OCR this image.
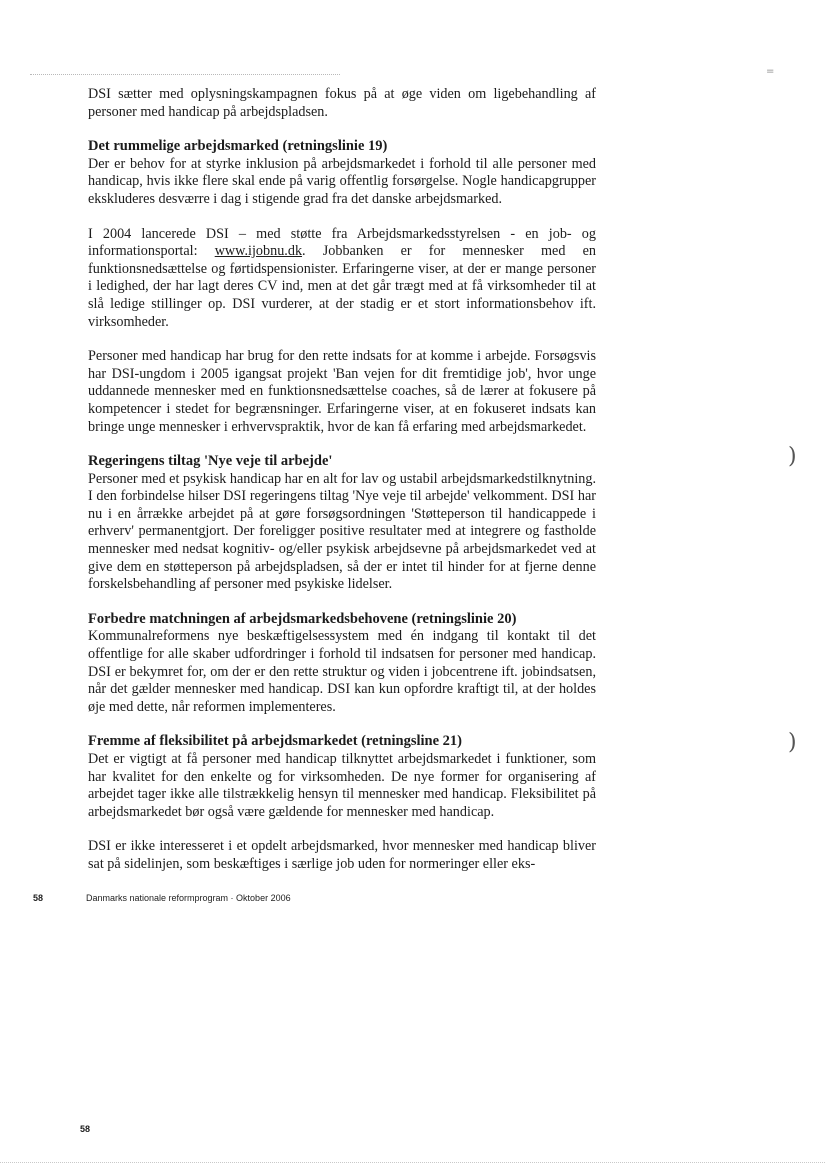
=
)
)

DSI sætter med oplysningskampagnen fokus på at øge viden om ligebehandling af personer med handicap på arbejdspladsen.

Det rummelige arbejdsmarked (retningslinie 19)

Der er behov for at styrke inklusion på arbejdsmarkedet i forhold til alle personer med handicap, hvis ikke flere skal ende på varig offentlig forsørgelse. Nogle handicapgrupper ekskluderes desværre i dag i stigende grad fra det danske arbejdsmarked.

I 2004 lancerede DSI – med støtte fra Arbejdsmarkedsstyrelsen - en job- og informationsportal: www.ijobnu.dk. Jobbanken er for mennesker med en funktionsnedsættelse og førtidspensionister. Erfaringerne viser, at der er mange personer i ledighed, der har lagt deres CV ind, men at det går trægt med at få virksomheder til at slå ledige stillinger op. DSI vurderer, at der stadig er et stort informationsbehov ift. virksomheder.

Personer med handicap har brug for den rette indsats for at komme i arbejde. Forsøgsvis har DSI-ungdom i 2005 igangsat projekt 'Ban vejen for dit fremtidige job', hvor unge uddannede mennesker med en funktionsnedsættelse coaches, så de lærer at fokusere på kompetencer i stedet for begrænsninger. Erfaringerne viser, at en fokuseret indsats kan bringe unge mennesker i erhvervspraktik, hvor de kan få erfaring med arbejdsmarkedet.

Regeringens tiltag 'Nye veje til arbejde'

Personer med et psykisk handicap har en alt for lav og ustabil arbejdsmarkedstilknytning. I den forbindelse hilser DSI regeringens tiltag 'Nye veje til arbejde' velkomment. DSI har nu i en årrække arbejdet på at gøre forsøgsordningen 'Støtteperson til handicappede i erhverv' permanentgjort. Der foreligger positive resultater med at integrere og fastholde mennesker med nedsat kognitiv- og/eller psykisk arbejdsevne på arbejdsmarkedet ved at give dem en støtteperson på arbejdspladsen, så der er intet til hinder for at fjerne denne forskelsbehandling af personer med psykiske lidelser.

Forbedre matchningen af arbejdsmarkedsbehovene (retningslinie 20)

Kommunalreformens nye beskæftigelsessystem med én indgang til kontakt til det offentlige for alle skaber udfordringer i forhold til indsatsen for personer med handicap. DSI er bekymret for, om der er den rette struktur og viden i jobcentrene ift. jobindsatsen, når det gælder mennesker med handicap. DSI kan kun opfordre kraftigt til, at der holdes øje med dette, når reformen implementeres.

Fremme af fleksibilitet på arbejdsmarkedet (retningsline 21)

Det er vigtigt at få personer med handicap tilknyttet arbejdsmarkedet i funktioner, som har kvalitet for den enkelte og for virksomheden. De nye former for organisering af arbejdet tager ikke alle tilstrækkelig hensyn til mennesker med handicap. Fleksibilitet på arbejdsmarkedet bør også være gældende for mennesker med handicap.

DSI er ikke interesseret i et opdelt arbejdsmarked, hvor mennesker med handicap bliver sat på sidelinjen, som beskæftiges i særlige job uden for normeringer eller eks-

58	Danmarks nationale reformprogram · Oktober 2006
58
